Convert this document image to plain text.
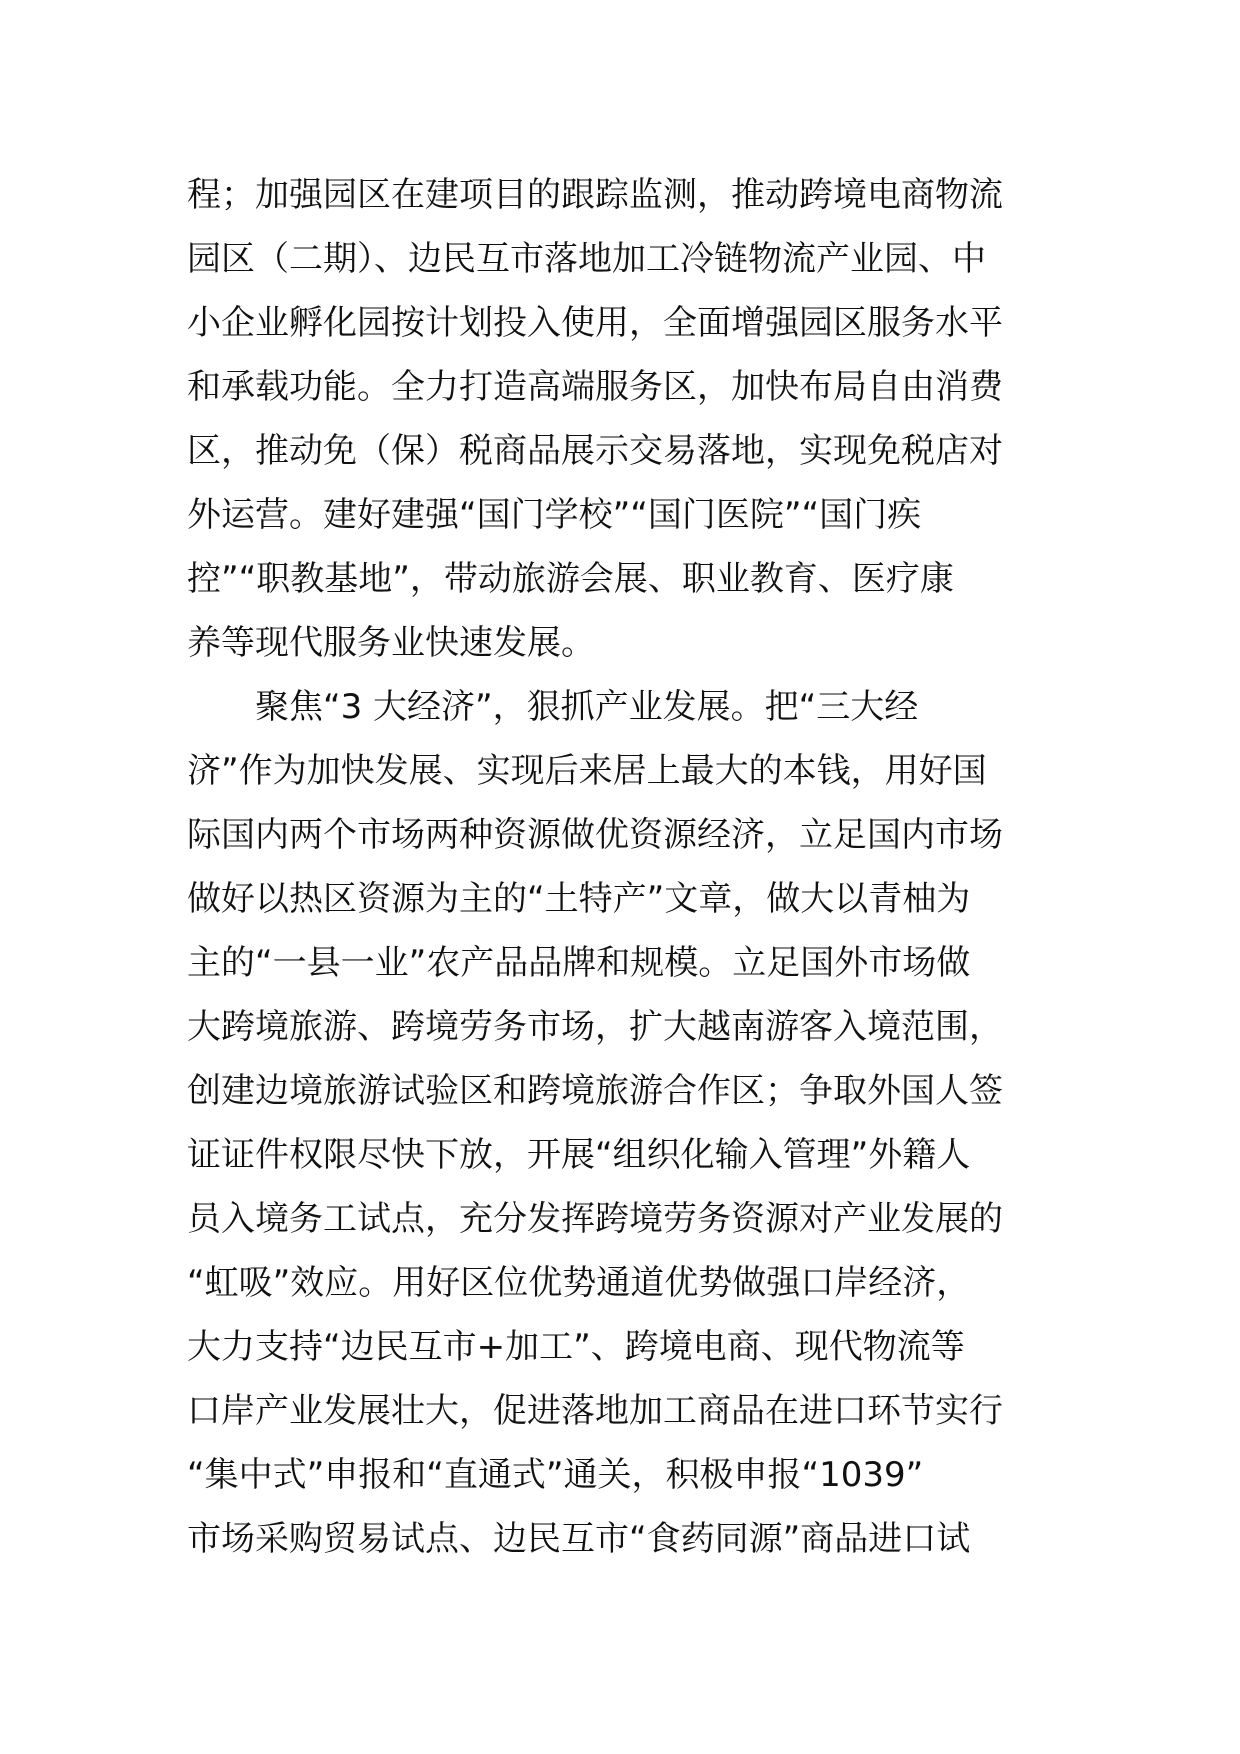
程；加强园区在建项目的跟踪监测，推动跨境电商物流
园区（二期）、边民互市落地加工冷链物流产业园、中
小企业孵化园按计划投入使用，全面增强园区服务水平
和承载功能。全力打造高端服务区，加快布局自由消费
区，推动免（保）税商品展示交易落地，实现免税店对
外运营。建好建强“国门学校”“国门医院”“国门疾
控”“职教基地”，带动旅游会展、职业教育、医疗康
养等现代服务业快速发展。
　　聚焦“3 大经济”，狠抓产业发展。把“三大经
济”作为加快发展、实现后来居上最大的本钱，用好国
际国内两个市场两种资源做优资源经济，立足国内市场
做好以热区资源为主的“土特产”文章，做大以青柚为
主的“一县一业”农产品品牌和规模。立足国外市场做
大跨境旅游、跨境劳务市场，扩大越南游客入境范围，
创建边境旅游试验区和跨境旅游合作区；争取外国人签
证证件权限尽快下放，开展“组织化输入管理”外籍人
员入境务工试点，充分发挥跨境劳务资源对产业发展的
“虹吸”效应。用好区位优势通道优势做强口岸经济，
大力支持“边民互市+加工”、跨境电商、现代物流等
口岸产业发展壮大，促进落地加工商品在进口环节实行
“集中式”申报和“直通式”通关，积极申报“1039”
市场采购贸易试点、边民互市“食药同源”商品进口试
